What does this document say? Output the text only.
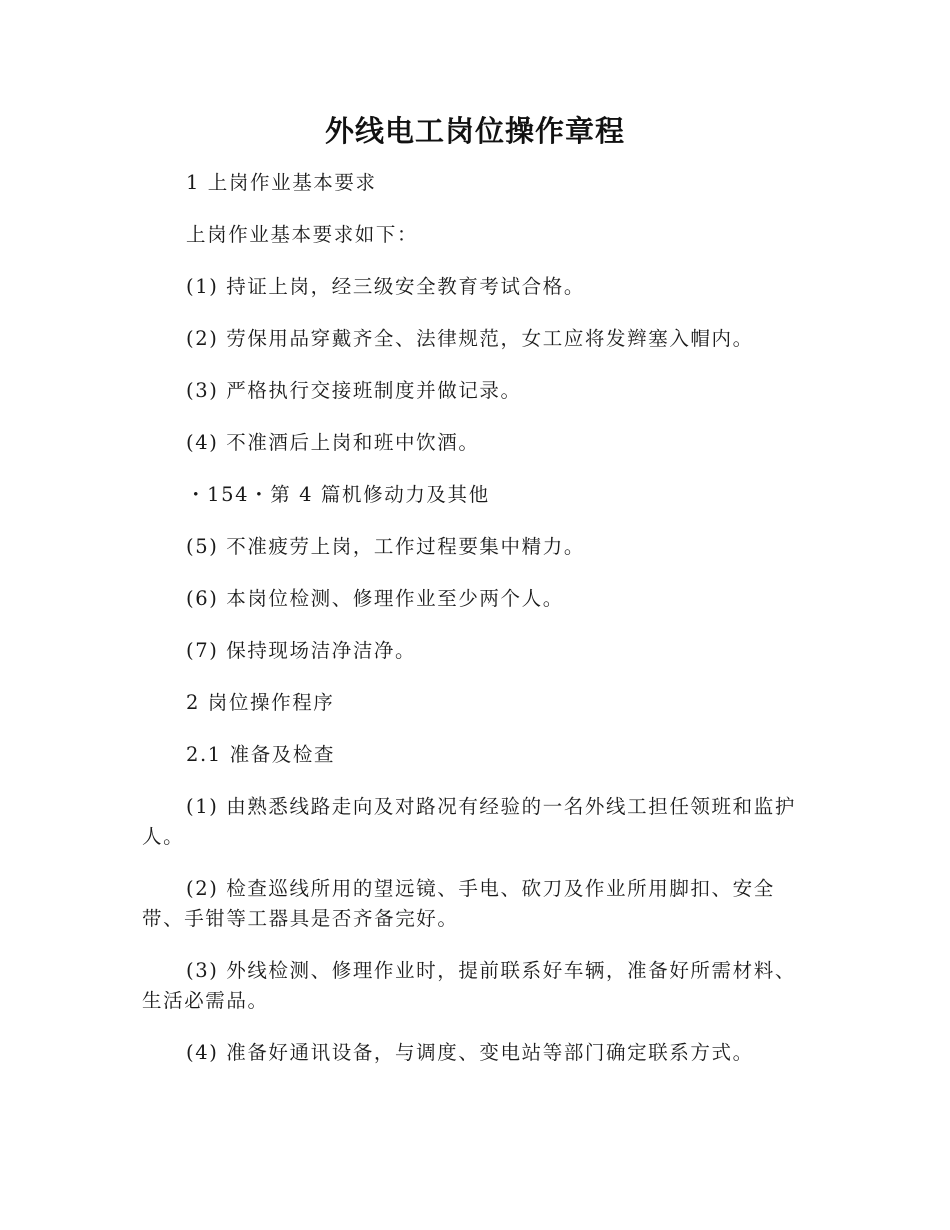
外线电工岗位操作章程

1 上岗作业基本要求

上岗作业基本要求如下：

(1) 持证上岗，经三级安全教育考试合格。

(2) 劳保用品穿戴齐全、法律规范，女工应将发辫塞入帽内。

(3) 严格执行交接班制度并做记录。

(4) 不准酒后上岗和班中饮酒。

・154・第 4 篇机修动力及其他

(5) 不准疲劳上岗，工作过程要集中精力。

(6) 本岗位检测、修理作业至少两个人。

(7) 保持现场洁净洁净。

2 岗位操作程序

2.1 准备及检查

(1) 由熟悉线路走向及对路况有经验的一名外线工担任领班和监护人。

(2) 检查巡线所用的望远镜、手电、砍刀及作业所用脚扣、安全带、手钳等工器具是否齐备完好。

(3) 外线检测、修理作业时，提前联系好车辆，准备好所需材料、生活必需品。

(4) 准备好通讯设备，与调度、变电站等部门确定联系方式。
